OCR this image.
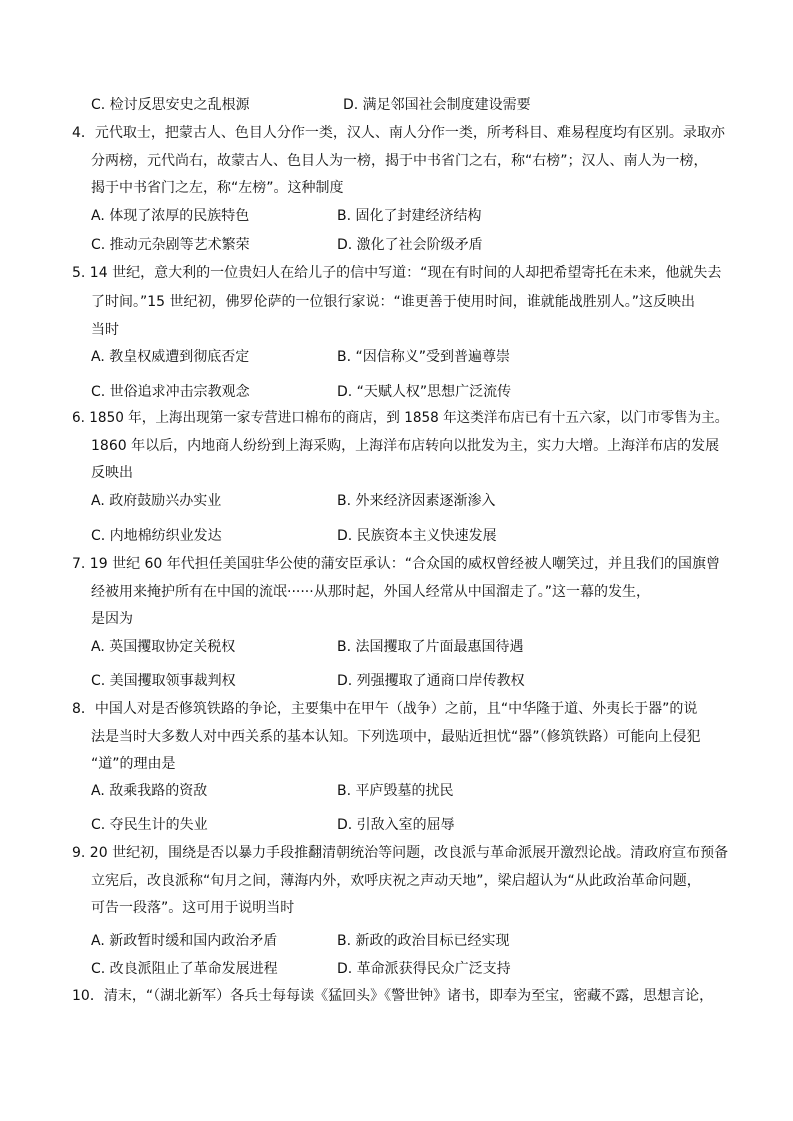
C. 检讨反思安史之乱根源	D. 满足邻国社会制度建设需要
4．元代取士，把蒙古人、色目人分作一类，汉人、南人分作一类，所考科目、难易程度均有区别。录取亦
分两榜，元代尚右，故蒙古人、色目人为一榜，揭于中书省门之右，称“右榜”；汉人、南人为一榜，
揭于中书省门之左，称“左榜”。这种制度
A. 体现了浓厚的民族特色	B. 固化了封建经济结构
C. 推动元杂剧等艺术繁荣	D. 激化了社会阶级矛盾
5. 14 世纪，意大利的一位贵妇人在给儿子的信中写道：“现在有时间的人却把希望寄托在未来，他就失去
了时间。”15 世纪初，佛罗伦萨的一位银行家说：“谁更善于使用时间，谁就能战胜别人。”这反映出
当时
A. 教皇权威遭到彻底否定	B. “因信称义”受到普遍尊崇
C. 世俗追求冲击宗教观念	D. “天赋人权”思想广泛流传
6. 1850 年，上海出现第一家专营进口棉布的商店，到 1858 年这类洋布店已有十五六家，以门市零售为主。
1860 年以后，内地商人纷纷到上海采购，上海洋布店转向以批发为主，实力大增。上海洋布店的发展
反映出
A. 政府鼓励兴办实业	B. 外来经济因素逐渐渗入
C. 内地棉纺织业发达	D. 民族资本主义快速发展
7. 19 世纪 60 年代担任美国驻华公使的蒲安臣承认：“合众国的威权曾经被人嘲笑过，并且我们的国旗曾
经被用来掩护所有在中国的流氓······从那时起，外国人经常从中国溜走了。”这一幕的发生，
是因为
A. 英国攫取协定关税权	B. 法国攫取了片面最惠国待遇
C. 美国攫取领事裁判权	D. 列强攫取了通商口岸传教权
8．中国人对是否修筑铁路的争论，主要集中在甲午（战争）之前，且“中华隆于道、外夷长于器”的说
法是当时大多数人对中西关系的基本认知。下列选项中，最贴近担忧“器”（修筑铁路）可能向上侵犯
“道”的理由是
A. 敌乘我路的资敌	B. 平庐毁墓的扰民
C. 夺民生计的失业	D. 引敌入室的屈辱
9. 20 世纪初，围绕是否以暴力手段推翻清朝统治等问题，改良派与革命派展开激烈论战。清政府宣布预备
立宪后，改良派称“旬月之间，薄海内外，欢呼庆祝之声动天地”，梁启超认为“从此政治革命问题，
可告一段落”。这可用于说明当时
A. 新政暂时缓和国内政治矛盾	B. 新政的政治目标已经实现
C. 改良派阻止了革命发展进程	D. 革命派获得民众广泛支持
10．清末，“（湖北新军）各兵士每每读《猛回头》《警世钟》诸书，即奉为至宝，密藏不露，思想言论，
